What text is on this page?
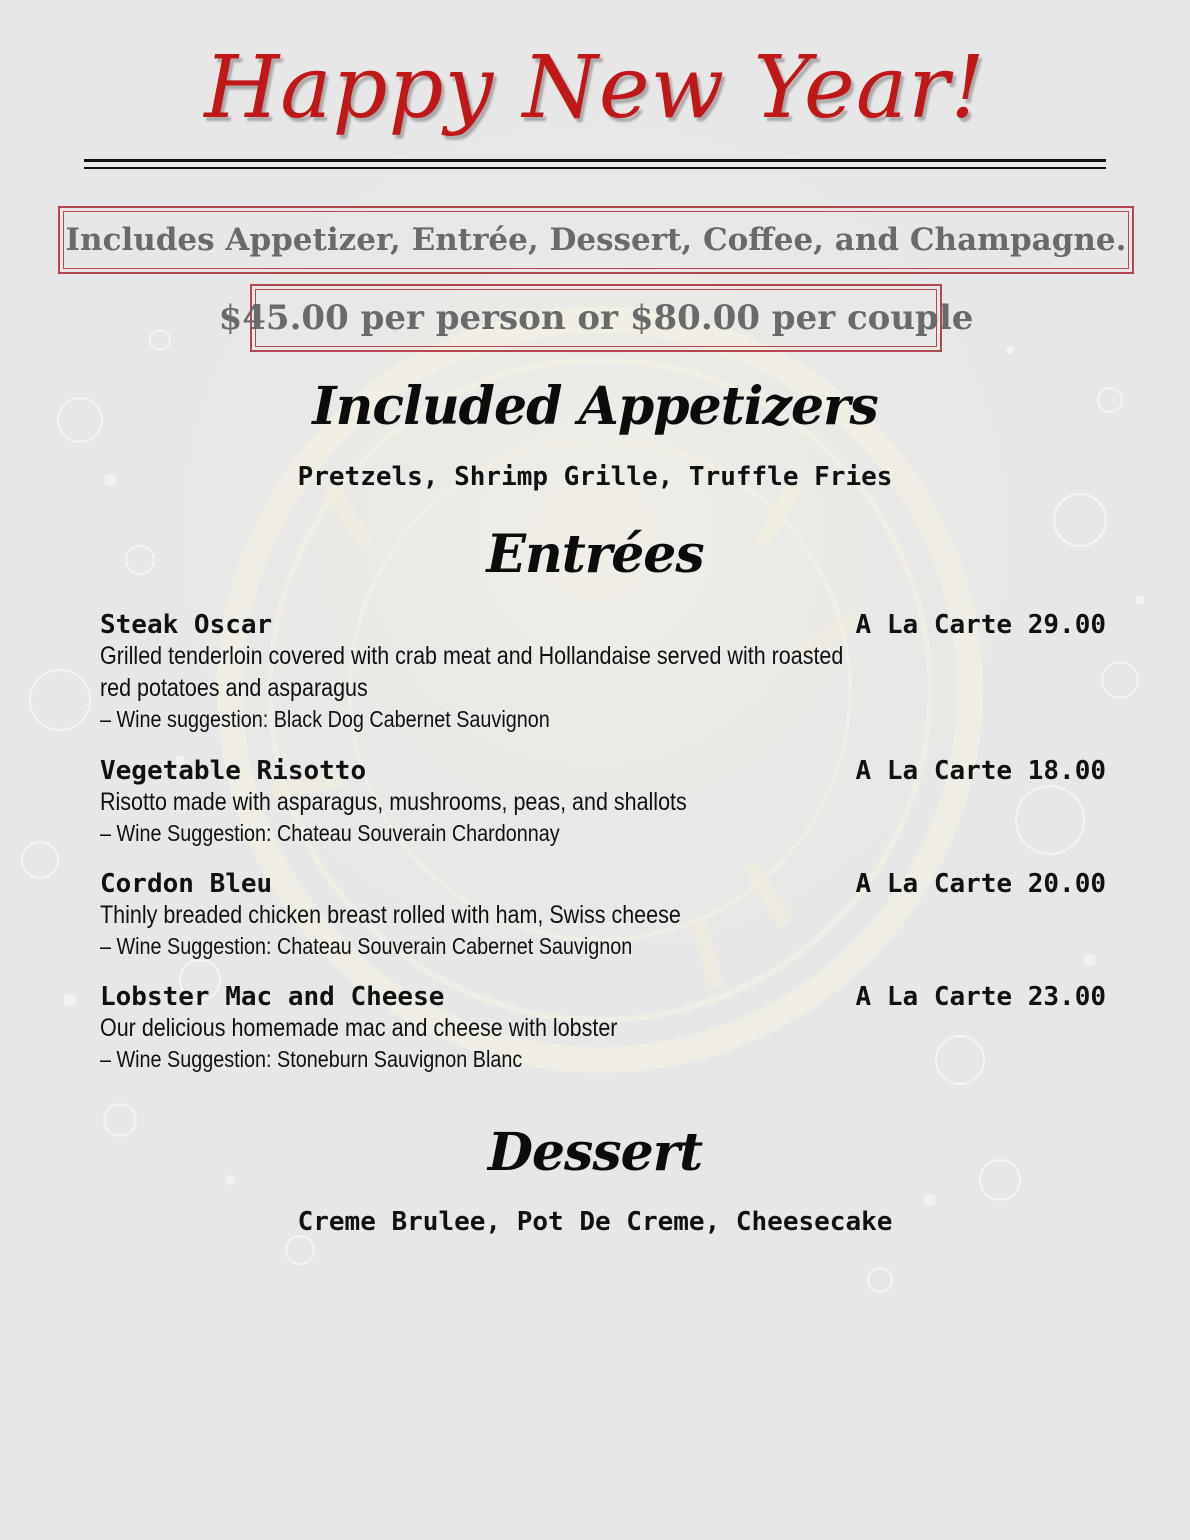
Happy New Year!
Includes Appetizer, Entrée, Dessert, Coffee, and Champagne.
$45.00 per person or $80.00 per couple
Included Appetizers
Pretzels, Shrimp Grille, Truffle Fries
Entrées
Steak Oscar	A La Carte 29.00
Grilled tenderloin covered with crab meat and Hollandaise served with roasted red potatoes and asparagus
– Wine suggestion: Black Dog Cabernet Sauvignon
Vegetable Risotto	A La Carte 18.00
Risotto made with asparagus, mushrooms, peas, and shallots
– Wine Suggestion: Chateau Souverain Chardonnay
Cordon Bleu	A La Carte 20.00
Thinly breaded chicken breast rolled with ham, Swiss cheese
– Wine Suggestion: Chateau Souverain Cabernet Sauvignon
Lobster Mac and Cheese	A La Carte 23.00
Our delicious homemade mac and cheese with lobster
– Wine Suggestion: Stoneburn Sauvignon Blanc
Dessert
Creme Brulee, Pot De Creme, Cheesecake
